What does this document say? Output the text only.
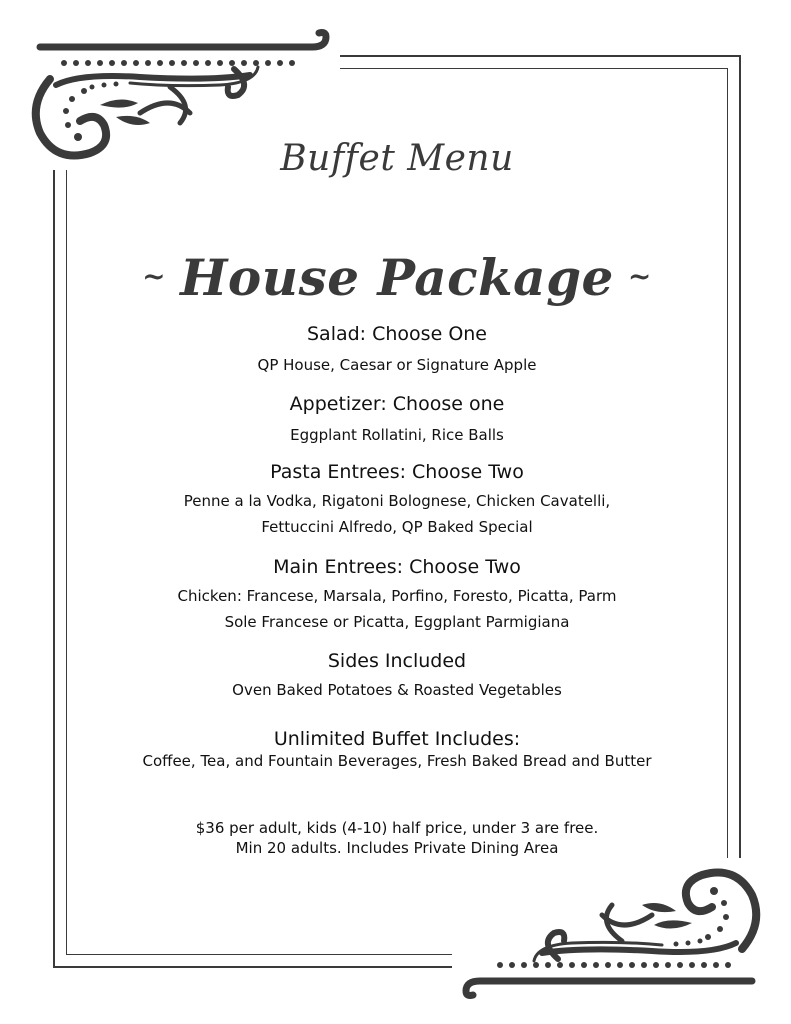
Buffet Menu
~ House Package ~
Salad: Choose One
QP House, Caesar or Signature Apple
Appetizer: Choose one
Eggplant Rollatini, Rice Balls
Pasta Entrees: Choose Two
Penne a la Vodka, Rigatoni Bolognese, Chicken Cavatelli,
Fettuccini Alfredo, QP Baked Special
Main Entrees: Choose Two
Chicken: Francese, Marsala, Porfino, Foresto, Picatta, Parm
Sole Francese or Picatta, Eggplant Parmigiana
Sides Included
Oven Baked Potatoes & Roasted Vegetables
Unlimited Buffet Includes:
Coffee, Tea, and Fountain Beverages, Fresh Baked Bread and Butter
$36 per adult, kids (4-10) half price, under 3 are free.
Min 20 adults. Includes Private Dining Area
